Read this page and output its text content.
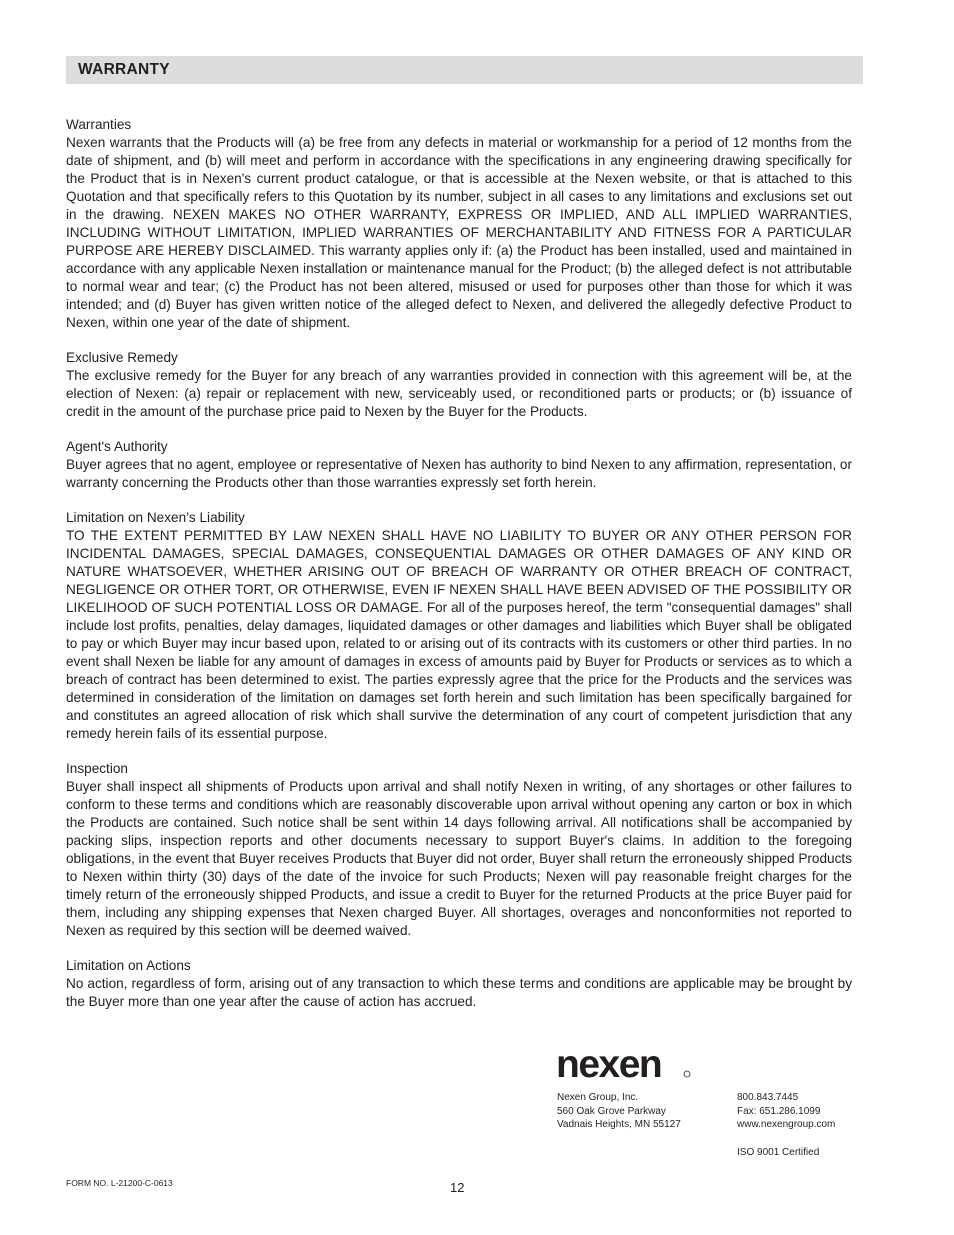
WARRANTY
Warranties

Nexen warrants that the Products will (a) be free from any defects in material or workmanship for a period of 12 months from the date of shipment, and (b) will meet and perform in accordance with the specifications in any engineering drawing specifically for the Product that is in Nexen's current product catalogue, or that is accessible at the Nexen website, or that is attached to this Quotation and that specifically refers to this Quotation by its number, subject in all cases to any limitations and exclusions set out in the drawing. NEXEN MAKES NO OTHER WARRANTY, EXPRESS OR IMPLIED, AND ALL IMPLIED WARRANTIES, INCLUDING WITHOUT LIMITATION, IMPLIED WARRANTIES OF MERCHANTABILITY AND FITNESS FOR A PARTICULAR PURPOSE ARE HEREBY DISCLAIMED. This warranty applies only if: (a) the Product has been installed, used and maintained in accordance with any applicable Nexen installation or maintenance manual for the Product; (b) the alleged defect is not attributable to normal wear and tear; (c) the Product has not been altered, misused or used for purposes other than those for which it was intended; and (d) Buyer has given written notice of the alleged defect to Nexen, and delivered the allegedly defective Product to Nexen, within one year of the date of shipment.

Exclusive Remedy

The exclusive remedy for the Buyer for any breach of any warranties provided in connection with this agreement will be, at the election of Nexen: (a) repair or replacement with new, serviceably used, or reconditioned parts or products; or (b) issuance of credit in the amount of the purchase price paid to Nexen by the Buyer for the Products.

Agent's Authority

Buyer agrees that no agent, employee or representative of Nexen has authority to bind Nexen to any affirmation, representation, or warranty concerning the Products other than those warranties expressly set forth herein.

Limitation on Nexen’s Liability

TO THE EXTENT PERMITTED BY LAW NEXEN SHALL HAVE NO LIABILITY TO BUYER OR ANY OTHER PERSON FOR INCIDENTAL DAMAGES, SPECIAL DAMAGES, CONSEQUENTIAL DAMAGES OR OTHER DAMAGES OF ANY KIND OR NATURE WHATSOEVER, WHETHER ARISING OUT OF BREACH OF WARRANTY OR OTHER BREACH OF CONTRACT, NEGLIGENCE OR OTHER TORT, OR OTHERWISE, EVEN IF NEXEN SHALL HAVE BEEN ADVISED OF THE POSSIBILITY OR LIKELIHOOD OF SUCH POTENTIAL LOSS OR DAMAGE. For all of the purposes hereof, the term "consequential damages" shall include lost profits, penalties, delay damages, liquidated damages or other damages and liabilities which Buyer shall be obligated to pay or which Buyer may incur based upon, related to or arising out of its contracts with its customers or other third parties. In no event shall Nexen be liable for any amount of damages in excess of amounts paid by Buyer for Products or services as to which a breach of contract has been determined to exist. The parties expressly agree that the price for the Products and the services was determined in consideration of the limitation on damages set forth herein and such limitation has been specifically bargained for and constitutes an agreed allocation of risk which shall survive the determination of any court of competent jurisdiction that any remedy herein fails of its essential purpose.

Inspection

Buyer shall inspect all shipments of Products upon arrival and shall notify Nexen in writing, of any shortages or other failures to conform to these terms and conditions which are reasonably discoverable upon arrival without opening any carton or box in which the Products are contained. Such notice shall be sent within 14 days following arrival. All notifications shall be accompanied by packing slips, inspection reports and other documents necessary to support Buyer's claims. In addition to the foregoing obligations, in the event that Buyer receives Products that Buyer did not order, Buyer shall return the erroneously shipped Products to Nexen within thirty (30) days of the date of the invoice for such Products; Nexen will pay reasonable freight charges for the timely return of the erroneously shipped Products, and issue a credit to Buyer for the returned Products at the price Buyer paid for them, including any shipping expenses that Nexen charged Buyer. All shortages, overages and nonconformities not reported to Nexen as required by this section will be deemed waived.

Limitation on Actions

No action, regardless of form, arising out of any transaction to which these terms and conditions are applicable may be brought by the Buyer more than one year after the cause of action has accrued.

nexen
Nexen Group, Inc.
560 Oak Grove Parkway
Vadnais Heights, MN 55127
800.843.7445
Fax: 651.286.1099
www.nexengroup.com
ISO 9001 Certified
FORM NO. L-21200-C-0613	12
